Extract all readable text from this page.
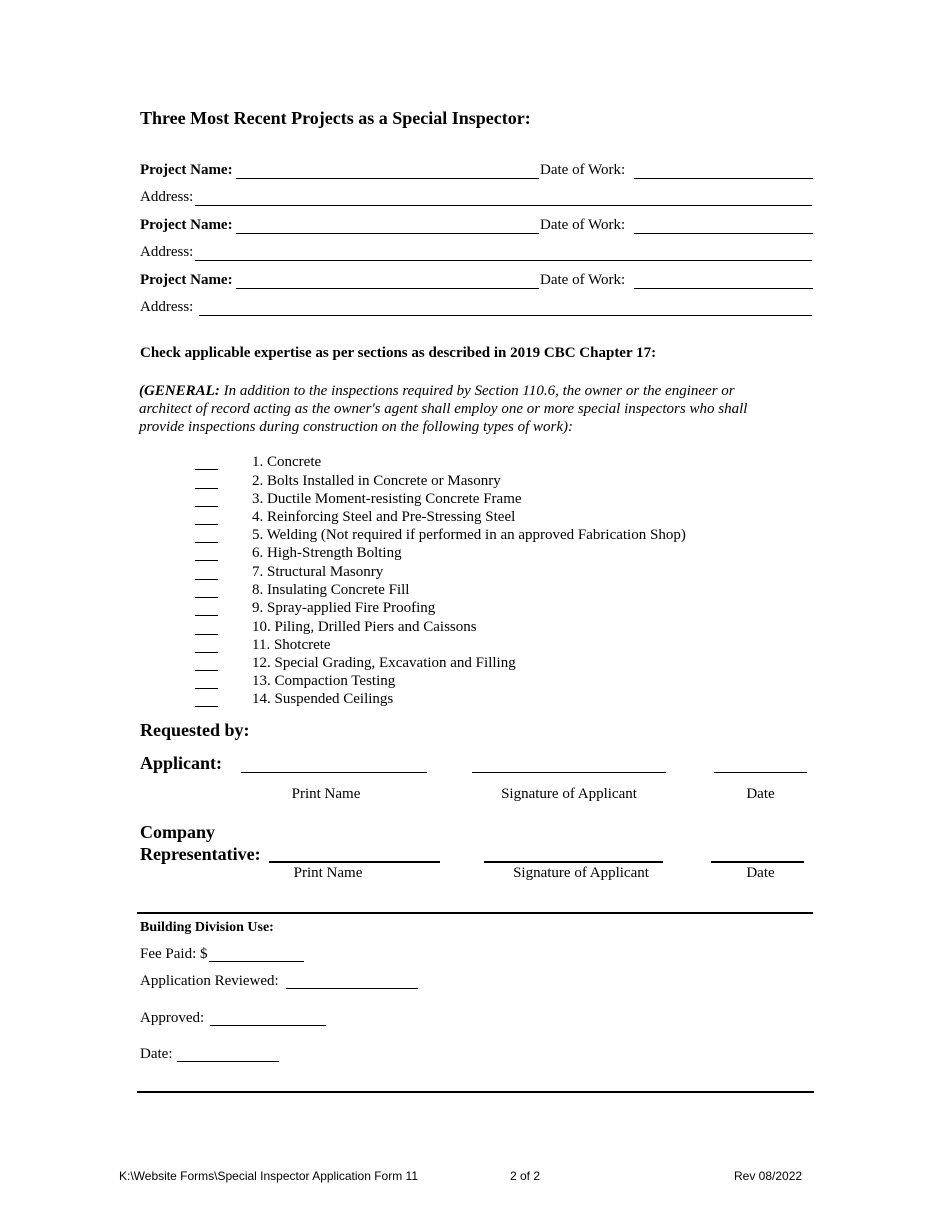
Three Most Recent Projects as a Special Inspector:
Project Name:	Date of Work:
Address:
Project Name:	Date of Work:
Address:
Project Name:	Date of Work:
Address:
Check applicable expertise as per sections as described in 2019 CBC Chapter 17:
(GENERAL: In addition to the inspections required by Section 110.6, the owner or the engineer or architect of record acting as the owner's agent shall employ one or more special inspectors who shall provide inspections during construction on the following types of work):
1. Concrete
2. Bolts Installed in Concrete or Masonry
3. Ductile Moment-resisting Concrete Frame
4. Reinforcing Steel and Pre-Stressing Steel
5. Welding (Not required if performed in an approved Fabrication Shop)
6. High-Strength Bolting
7. Structural Masonry
8. Insulating Concrete Fill
9. Spray-applied Fire Proofing
10. Piling, Drilled Piers and Caissons
11. Shotcrete
12. Special Grading, Excavation and Filling
13. Compaction Testing
14. Suspended Ceilings
Requested by:
Applicant:
Print Name	Signature of Applicant	Date
Company
Representative:
Print Name	Signature of Applicant	Date
Building Division Use:
Fee Paid: $
Application Reviewed:
Approved:
Date:
K:\Website Forms\Special Inspector Application Form 11	2 of 2	Rev 08/2022
